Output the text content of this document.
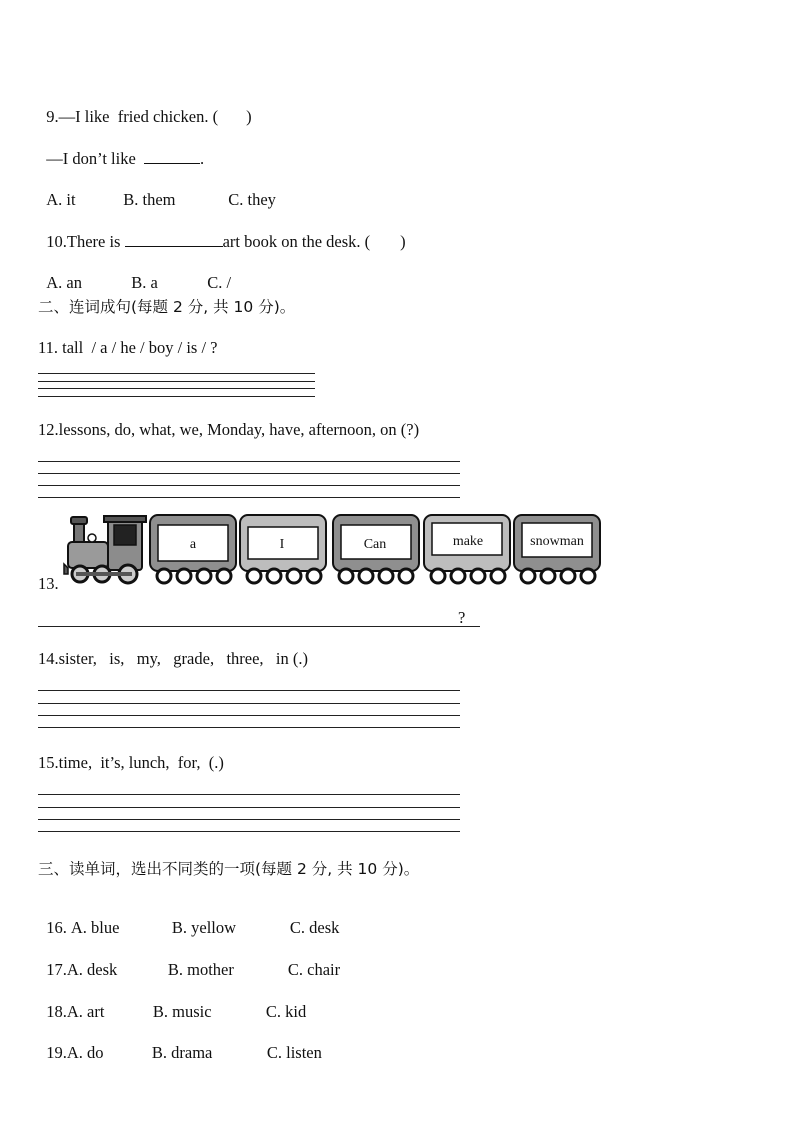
9.—I like  fried chicken. ( )

—I don’t like	.

A. it	B. them	C. they

10.There is	art book on the desk. ( )

A. an	B. a	C. /

二、连词成句(每题 2 分, 共 10 分)。
11. tall  / a / he / boy / is / ?
12.lessons, do, what, we, Monday, have, afternoon, on (?)
13.
a	I	Can	make	snowman
?
14.sister,   is,   my,   grade,   three,   in (.)
15.time,  it’s, lunch,  for,  (.)
三、读单词，选出不同类的一项(每题 2 分, 共 10 分)。

16. A. blue	B. yellow	C. desk

17.A. desk	B. mother	C. chair

18.A. art	B. music	C. kid

19.A. do	B. drama	C. listen
